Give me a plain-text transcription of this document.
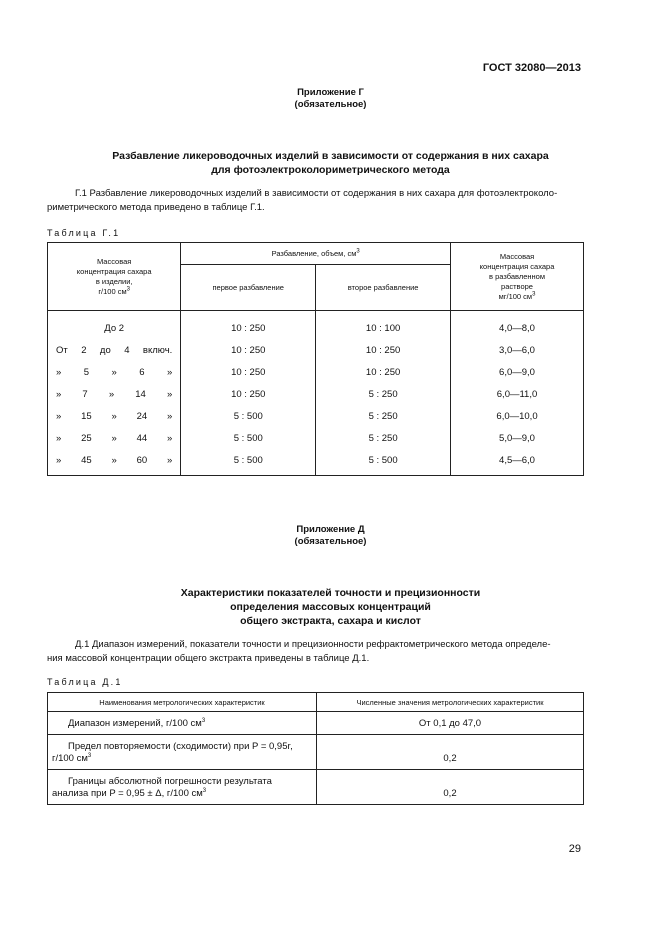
ГОСТ 32080—2013
Приложение Г
(обязательное)
Разбавление ликероводочных изделий в зависимости от содержания в них сахара
для фотоэлектроколориметрического метода
Г.1 Разбавление ликероводочных изделий в зависимости от содержания в них сахара для фотоэлектроколо-
риметрического метода приведено в таблице Г.1.
Таблица Г.1
Массовая
концентрация сахара
в изделии,
г/100 $см^3$	Разбавление, объем, $см^3$		Массовая
концентрация сахара
в разбавленном
растворе
мг/100 $см^3$
	первое разбавление	второе разбавление	
До 2	10 : 250	10 : 100	4,0—8,0

От 2 до 4 включ.	10 : 250	10 : 250	3,0—6,0

» 5 » 6 »	10 : 250	10 : 250	6,0—9,0

» 7 » 14 »	10 : 250	5 : 250	6,0—11,0

» 15 » 24 »	5 : 500	5 : 250	6,0—10,0

» 25 » 44 »	5 : 500	5 : 250	5,0—9,0

» 45 » 60 »	5 : 500	5 : 500	4,5—6,0
Приложение Д
(обязательное)
Характеристики показателей точности и прецизионности
определения массовых концентраций
общего экстракта, сахара и кислот
Д.1 Диапазон измерений, показатели точности и прецизионности рефрактометрического метода определе-
ния массовой концентрации общего экстракта приведены в таблице Д.1.
Таблица Д.1
Наименования метрологических характеристик	Численные значения метрологических характеристик
Диапазон измерений, г/100 $см^3$	От 0,1 до 47,0
Предел повторяемости (сходимости) при P = 0,95r,
г/100 $см^3$	0,2
Границы абсолютной погрешности результата
анализа при P = 0,95 ± Δ, г/100 $см^3$	0,2
29
